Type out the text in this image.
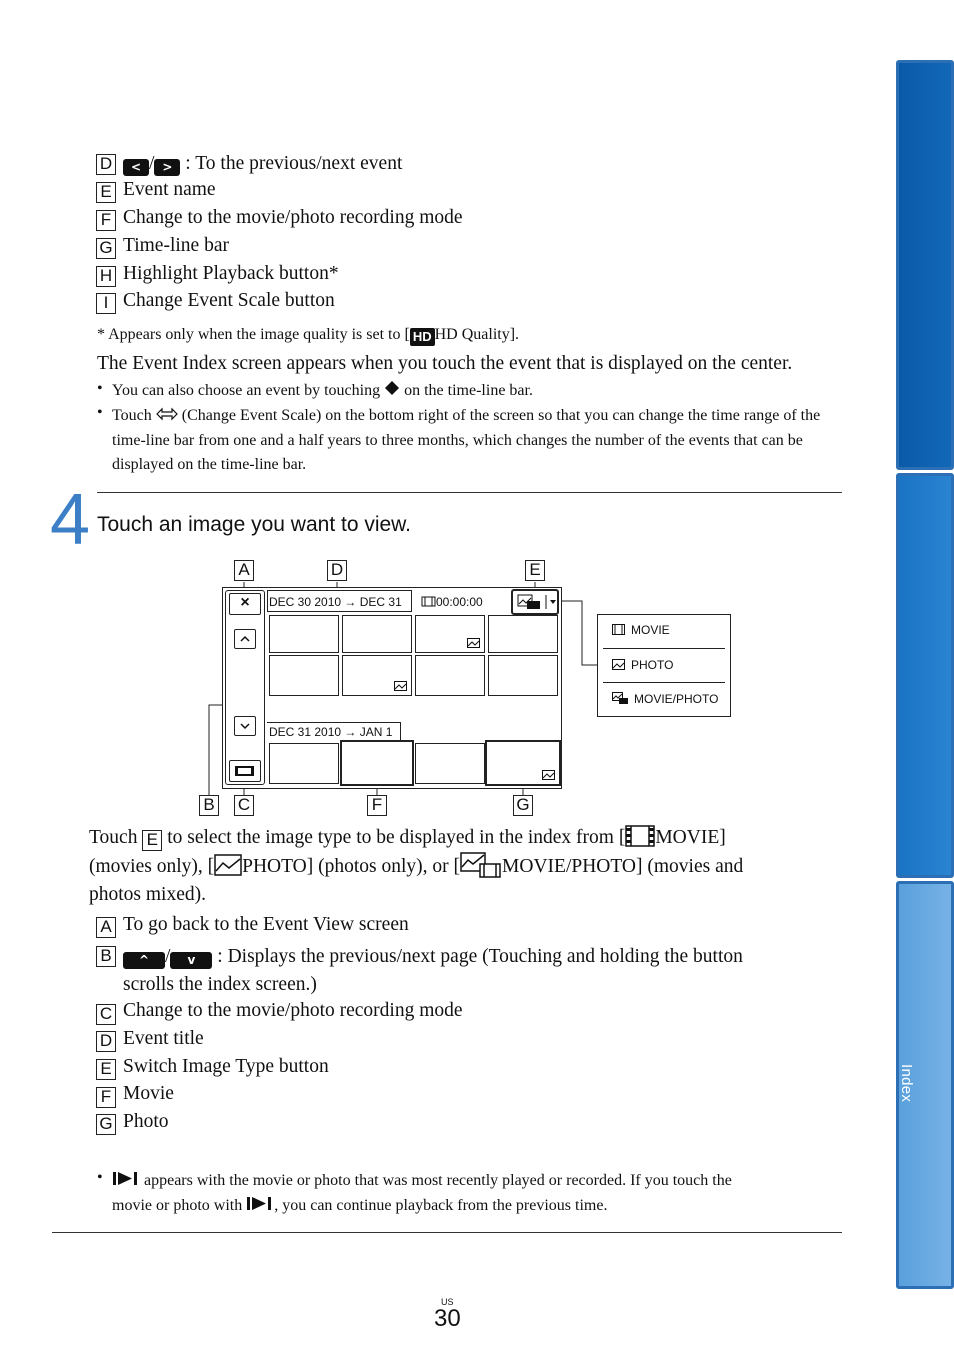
D	< / > : To the previous/next event
E Event name
F Change to the movie/photo recording mode
G Time-line bar
H Highlight Playback button*
I Change Event Scale button
* Appears only when the image quality is set to [ HD HD Quality].
The Event Index screen appears when you touch the event that is displayed on the center.
• You can also choose an event by touching  on the time-line bar.
• Touch  (Change Event Scale) on the bottom right of the screen so that you can change the time range of the time-line bar from one and a half years to three months, which changes the number of the events that can be displayed on the time-line bar.
4 Touch an image you want to view.
A	D	E
B C	F	G
×	DEC 30 2010 → DEC 31	00:00:00
DEC 31 2010 → JAN 1
MOVIE
PHOTO
MOVIE/PHOTO
Touch E to select the image type to be displayed in the index from [ MOVIE]
(movies only), [ PHOTO] (photos only), or [ MOVIE/PHOTO] (movies and
photos mixed).
A To go back to the Event View screen
B	^ / v : Displays the previous/next page (Touching and holding the button
scrolls the index screen.)
C Change to the movie/photo recording mode
D Event title
E Switch Image Type button
F Movie
G Photo
•	appears with the movie or photo that was most recently played or recorded. If you touch the
movie or photo with , you can continue playback from the previous time.
US
30
Table of Contents
Enjoy Useful Functions
Index
